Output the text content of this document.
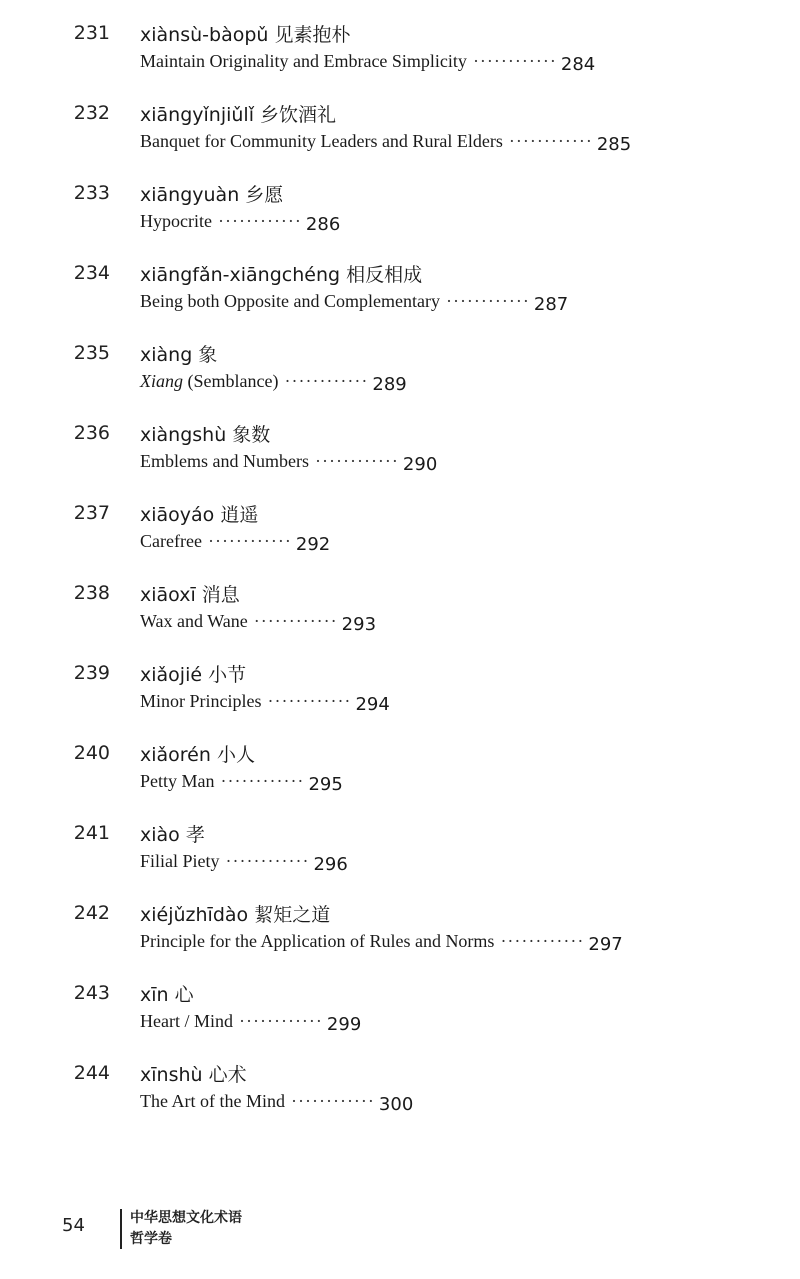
231 xiànsù-bàopǔ 见素抱朴
Maintain Originality and Embrace Simplicity ············ 284
232 xiāngyǐnjiǔlǐ 乡饮酒礼
Banquet for Community Leaders and Rural Elders ············ 285
233 xiāngyuàn 乡愿
Hypocrite ············ 286
234 xiāngfǎn-xiāngchéng 相反相成
Being both Opposite and Complementary ············ 287
235 xiàng 象
Xiang (Semblance) ············ 289
236 xiàngshù 象数
Emblems and Numbers ············ 290
237 xiāoyáo 逍遥
Carefree ············ 292
238 xiāoxī 消息
Wax and Wane ············ 293
239 xiǎojié 小节
Minor Principles ············ 294
240 xiǎorén 小人
Petty Man ············ 295
241 xiào 孝
Filial Piety ············ 296
242 xiéjǔzhīdào 絜矩之道
Principle for the Application of Rules and Norms ············ 297
243 xīn 心
Heart / Mind ············ 299
244 xīnshù 心术
The Art of the Mind ············ 300
54	中华思想文化术语
哲学卷
